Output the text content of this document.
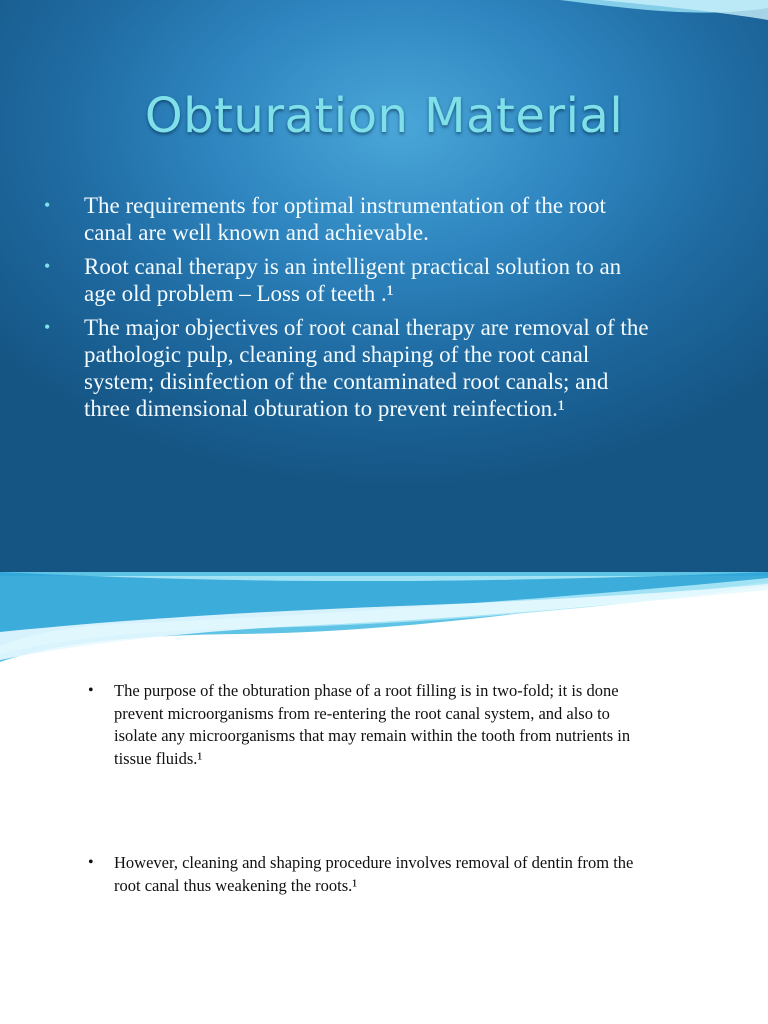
Obturation Material
• The requirements for optimal instrumentation of the root canal are well known and achievable.
• Root canal therapy is an intelligent practical solution to an age old problem – Loss of teeth .¹
• The major objectives of root canal therapy are removal of the pathologic pulp, cleaning and shaping of the root canal system; disinfection of the contaminated root canals; and three dimensional obturation to prevent reinfection.¹
• The purpose of the obturation phase of a root filling is in two-fold; it is done prevent microorganisms from re-entering the root canal system, and also to isolate any microorganisms that may remain within the tooth from nutrients in tissue fluids.¹
• However, cleaning and shaping procedure involves removal of dentin from the root canal thus weakening the roots.¹
